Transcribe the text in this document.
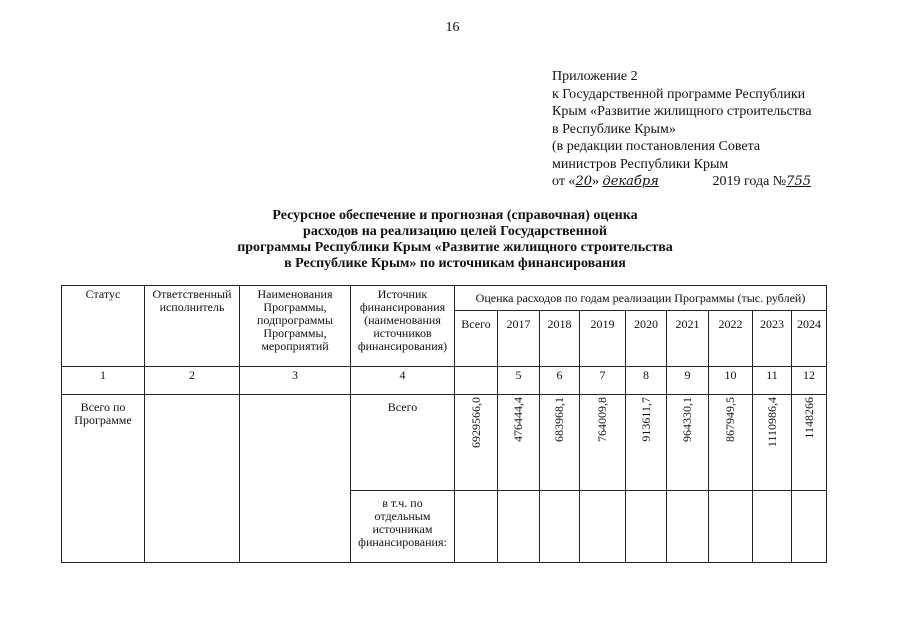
16
Приложение 2
к Государственной программе Республики
Крым «Развитие жилищного строительства
в Республике Крым»
(в редакции постановления Совета
министров Республики Крым
от «20» декабря	2019 года №755
Ресурсное обеспечение и прогнозная (справочная) оценка
расходов на реализацию целей Государственной
программы Республики Крым «Развитие жилищного строительства
в Республике Крым» по источникам финансирования
Статус	Ответственный исполнитель	Наименования Программы, подпрограммы Программы, мероприятий	Источник финансирования (наименования источников финансирования)	Оценка расходов по годам реализации Программы (тыс. рублей)								
				Всего	2017	2018	2019	2020	2021	2022	2023	2024
1	2	3	4		5	6	7	8	9	10	11	12
Всего по Программе			Всего	6929566,0	476444,4	683968,1	764009,8	913611,7	964330,1	867949,5	1110986,4	1148266
			в т.ч. по отдельным источникам финансирования:									
